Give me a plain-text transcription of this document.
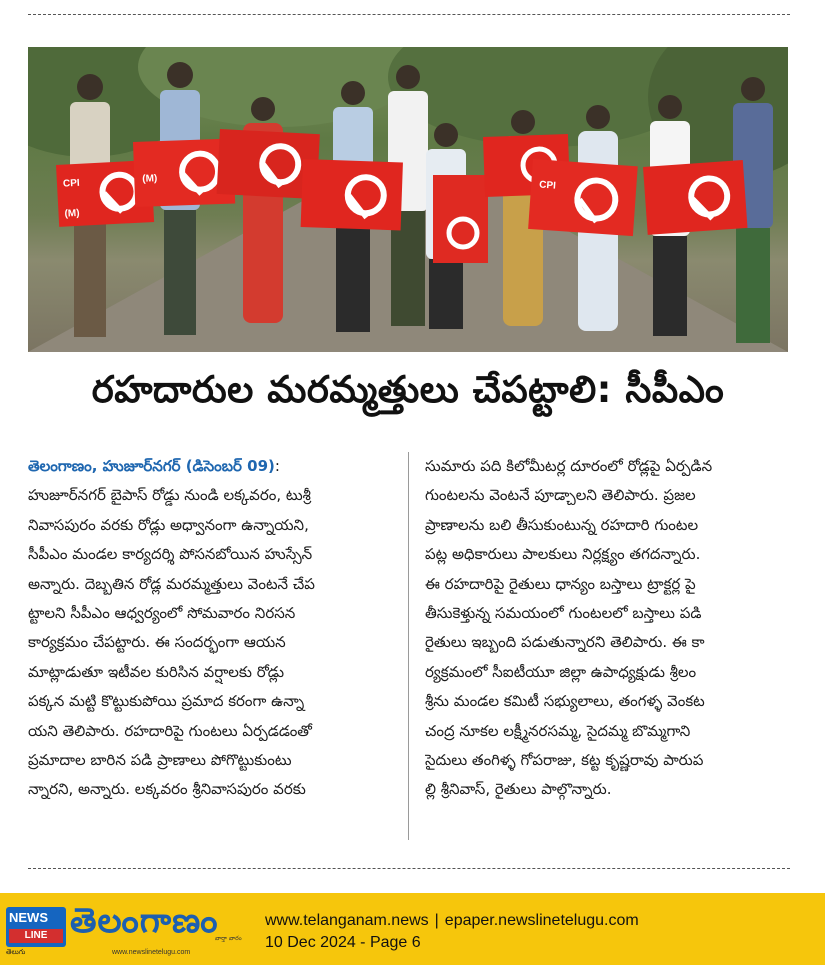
CPI
(M)
(M)
CPI
రహదారుల మరమ్మత్తులు చేపట్టాలి: సీపీఎం
తెలంగాణం, హుజూర్‌నగర్ (డిసెంబర్ 09):
హుజూర్‌నగర్ బైపాస్ రోడ్డు నుండి లక్కవరం, టుశ్రీ
నివాసపురం వరకు రోడ్లు అధ్వానంగా ఉన్నాయని,
సీపీఎం మండల కార్యదర్శి పోసనబోయిన హుస్సేన్
అన్నారు. దెబ్బతిన రోడ్ల మరమ్మత్తులు వెంటనే చేప
ట్టాలని సీపీఎం ఆధ్వర్యంలో సోమవారం నిరసన
కార్యక్రమం చేపట్టారు. ఈ సందర్భంగా ఆయన
మాట్లాడుతూ ఇటీవల కురిసిన వర్షాలకు రోడ్లు
పక్కన మట్టి కొట్టుకుపోయి ప్రమాద కరంగా ఉన్నా
యని తెలిపారు. రహదారిపై గుంటలు ఏర్పడడంతో
ప్రమాదాల బారిన పడి ప్రాణాలు పోగొట్టుకుంటు
న్నారని, అన్నారు. లక్కవరం శ్రీనివాసపురం వరకు
సుమారు పది కిలోమీటర్ల దూరంలో రోడ్లపై ఏర్పడిన
గుంటలను వెంటనే పూడ్చాలని తెలిపారు. ప్రజల
ప్రాణాలను బలి తీసుకుంటున్న రహదారి గుంటల
పట్ల అధికారులు పాలకులు నిర్లక్ష్యం తగదన్నారు.
ఈ రహదారిపై రైతులు ధాన్యం బస్తాలు ట్రాక్టర్ల పై
తీసుకెళ్తున్న సమయంలో గుంటలలో బస్తాలు పడి
రైతులు ఇబ్బంది పడుతున్నారని తెలిపారు. ఈ కా
ర్యక్రమంలో సీఐటీయూ జిల్లా ఉపాధ్యక్షుడు శ్రీలం
శ్రీను మండల కమిటీ సభ్యులాలు, తంగళ్ళ వెంకట
చంద్ర నూకల లక్ష్మీనరసమ్మ, సైదమ్మ బొమ్మగాని
సైదులు తంగిళ్ళ గోపరాజు, కట్ట కృష్ణరావు పారుప
ల్లి శ్రీనివాస్, రైతులు పాల్గొన్నారు.
NEWS
LINE
తెలుగు
తెలంగాణం
వార్తా వారం
www.newslinetelugu.com
www.telanganam.news | epaper.newslinetelugu.com
10 Dec 2024 - Page 6
